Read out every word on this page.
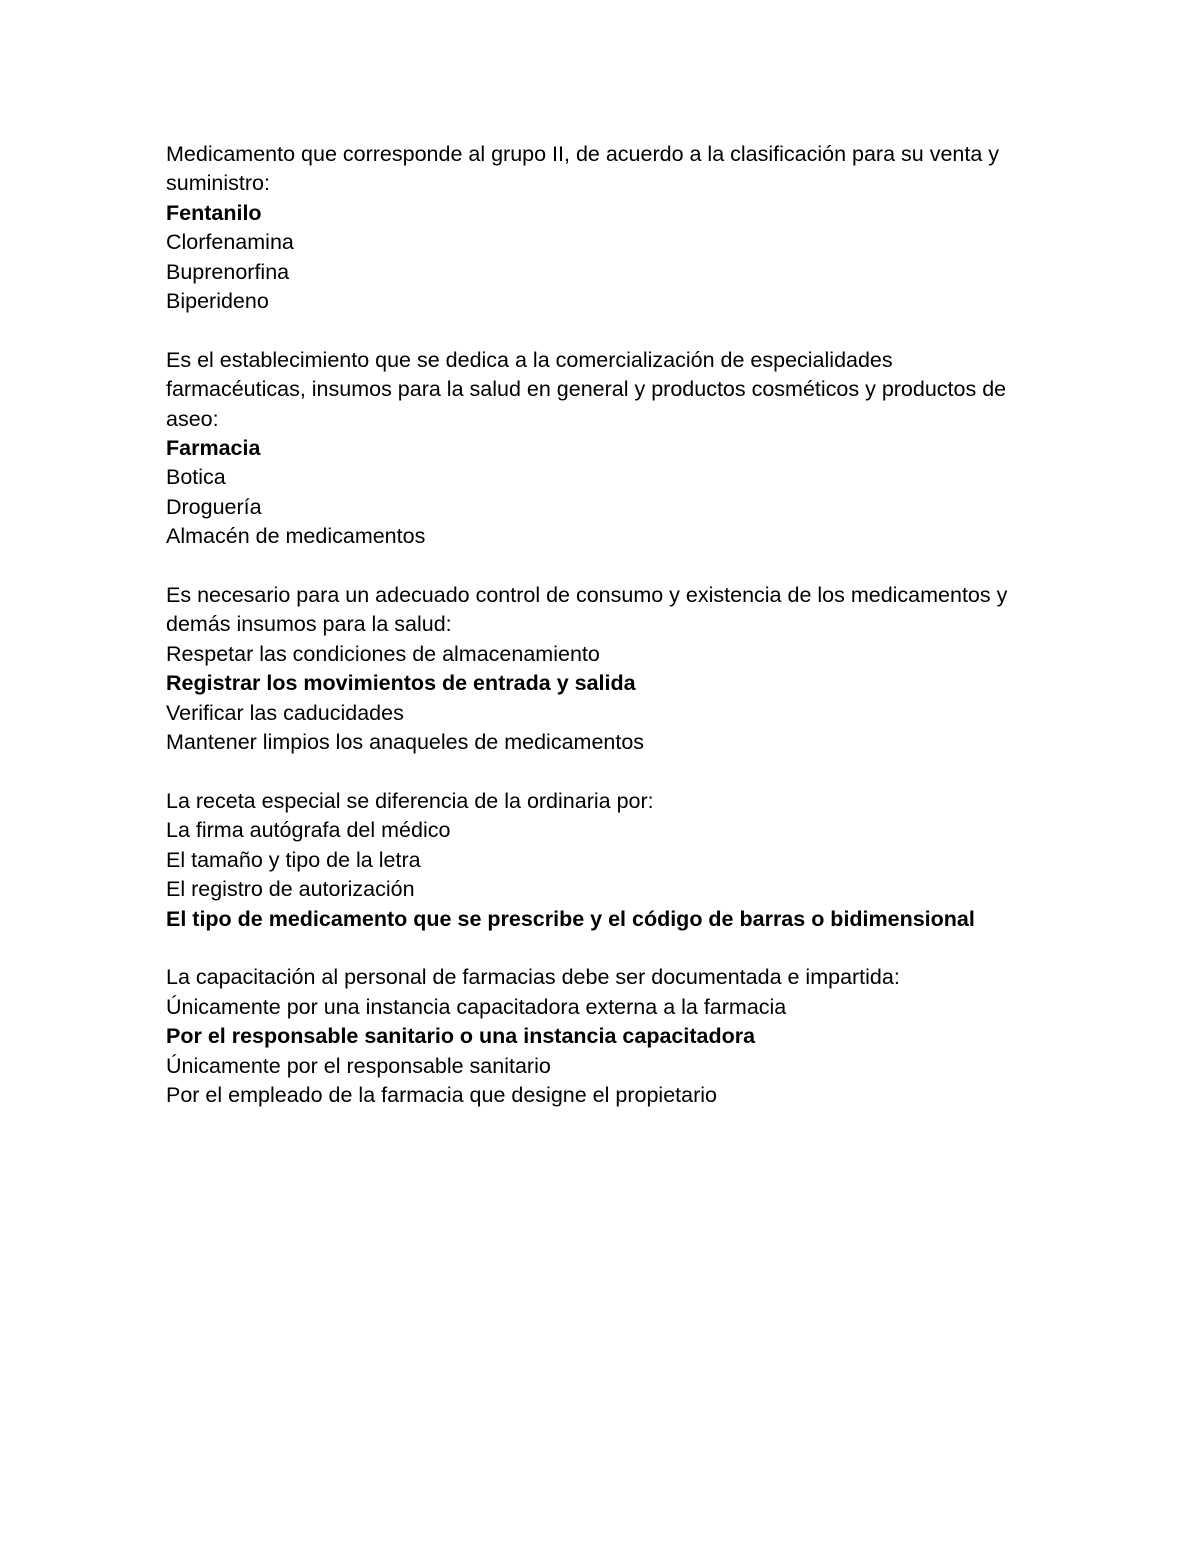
Medicamento que corresponde al grupo II, de acuerdo a la clasificación para su venta y suministro:
Fentanilo
Clorfenamina
Buprenorfina
Biperideno
Es el establecimiento que se dedica a la comercialización de especialidades farmacéuticas, insumos para la salud en general y productos cosméticos y productos de aseo:
Farmacia
Botica
Droguería
Almacén de medicamentos
Es necesario para un adecuado control de consumo y existencia de los medicamentos y demás insumos para la salud:
Respetar las condiciones de almacenamiento
Registrar los movimientos de entrada y salida
Verificar las caducidades
Mantener limpios los anaqueles de medicamentos
La receta especial se diferencia de la ordinaria por:
La firma autógrafa del médico
El tamaño y tipo de la letra
El registro de autorización
El tipo de medicamento que se prescribe y el código de barras o bidimensional
La capacitación al personal de farmacias debe ser documentada e impartida:
Únicamente por una instancia capacitadora externa a la farmacia
Por el responsable sanitario o una instancia capacitadora
Únicamente por el responsable sanitario
Por el empleado de la farmacia que designe el propietario
